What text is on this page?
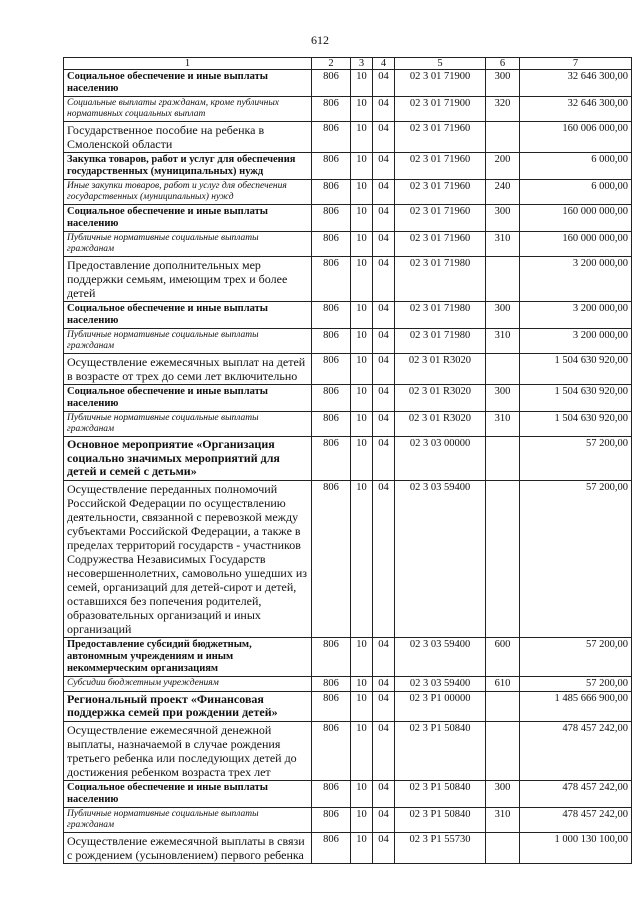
612
1	2	3	4	5	6	7
Социальное обеспечение и иные выплаты населению	806	10	04	02 3 01 71900	300	32 646 300,00
Социальные выплаты гражданам, кроме публичных нормативных социальных выплат	806	10	04	02 3 01 71900	320	32 646 300,00
Государственное пособие на ребенка в Смоленской области	806	10	04	02 3 01 71960		160 006 000,00
Закупка товаров, работ и услуг для обеспечения государственных (муниципальных) нужд	806	10	04	02 3 01 71960	200	6 000,00
Иные закупки товаров, работ и услуг для обеспечения государственных (муниципальных) нужд	806	10	04	02 3 01 71960	240	6 000,00
Социальное обеспечение и иные выплаты населению	806	10	04	02 3 01 71960	300	160 000 000,00
Публичные нормативные социальные выплаты гражданам	806	10	04	02 3 01 71960	310	160 000 000,00
Предоставление дополнительных мер поддержки семьям, имеющим трех и более детей	806	10	04	02 3 01 71980		3 200 000,00
Социальное обеспечение и иные выплаты населению	806	10	04	02 3 01 71980	300	3 200 000,00
Публичные нормативные социальные выплаты гражданам	806	10	04	02 3 01 71980	310	3 200 000,00
Осуществление ежемесячных выплат на детей в возрасте от трех до семи лет включительно	806	10	04	02 3 01 R3020		1 504 630 920,00
Социальное обеспечение и иные выплаты населению	806	10	04	02 3 01 R3020	300	1 504 630 920,00
Публичные нормативные социальные выплаты гражданам	806	10	04	02 3 01 R3020	310	1 504 630 920,00
Основное мероприятие «Организация социально значимых мероприятий для детей и семей с детьми»	806	10	04	02 3 03 00000		57 200,00
Осуществление переданных полномочий Российской Федерации по осуществлению деятельности, связанной с перевозкой между субъектами Российской Федерации, а также в пределах территорий государств - участников Содружества Независимых Государств несовершеннолетних, самовольно ушедших из семей, организаций для детей-сирот и детей, оставшихся без попечения родителей, образовательных организаций и иных организаций	806	10	04	02 3 03 59400		57 200,00
Предоставление субсидий бюджетным, автономным учреждениям и иным некоммерческим организациям	806	10	04	02 3 03 59400	600	57 200,00
Субсидии бюджетным учреждениям	806	10	04	02 3 03 59400	610	57 200,00
Региональный проект «Финансовая поддержка семей при рождении детей»	806	10	04	02 3 P1 00000		1 485 666 900,00
Осуществление ежемесячной денежной выплаты, назначаемой в случае рождения третьего ребенка или последующих детей до достижения ребенком возраста трех лет	806	10	04	02 3 P1 50840		478 457 242,00
Социальное обеспечение и иные выплаты населению	806	10	04	02 3 P1 50840	300	478 457 242,00
Публичные нормативные социальные выплаты гражданам	806	10	04	02 3 P1 50840	310	478 457 242,00
Осуществление ежемесячной выплаты в связи с рождением (усыновлением) первого ребенка	806	10	04	02 3 P1 55730		1 000 130 100,00
